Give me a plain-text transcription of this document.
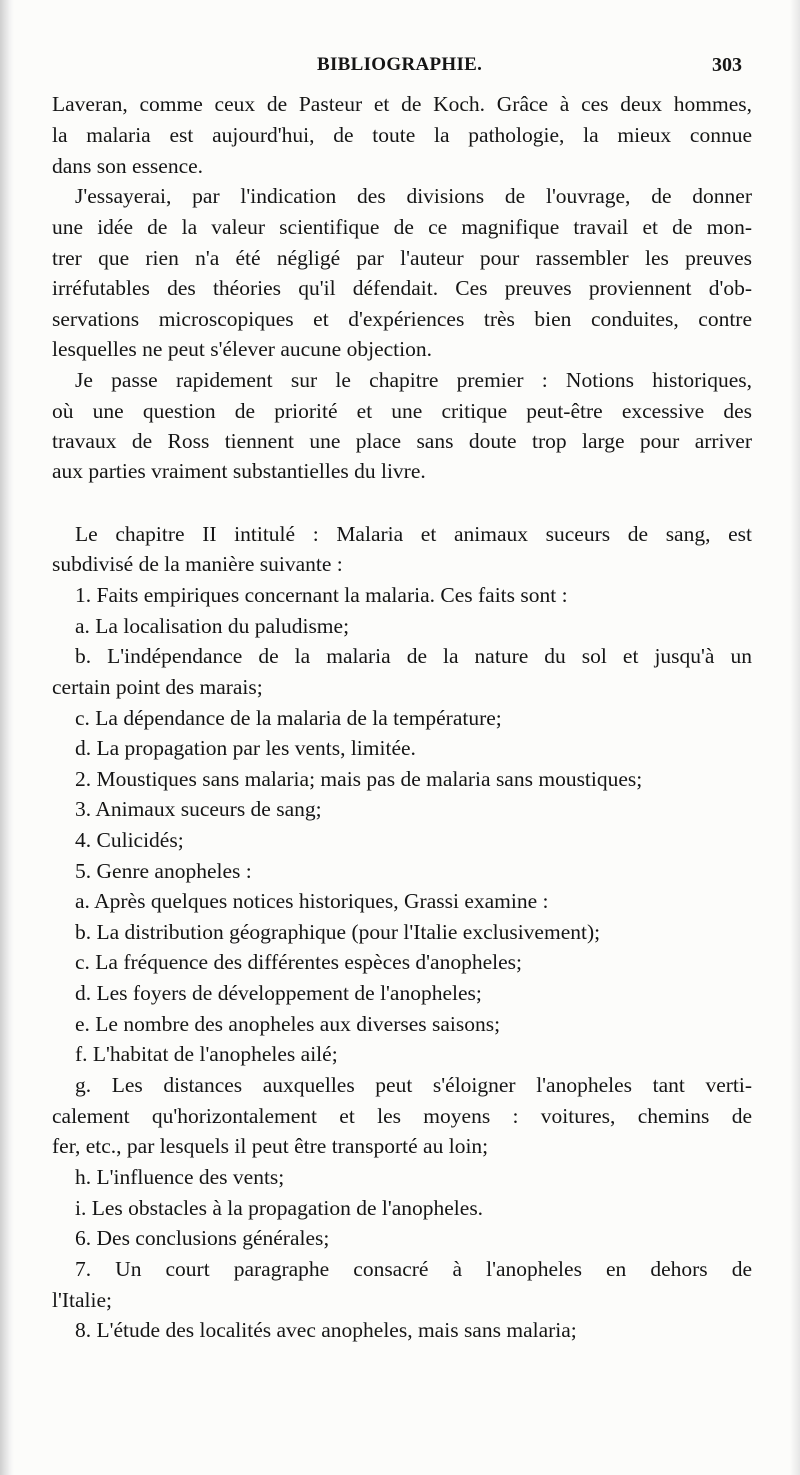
BIBLIOGRAPHIE.	303
Laveran, comme ceux de Pasteur et de Koch. Grâce à ces deux hommes,
la malaria est aujourd'hui, de toute la pathologie, la mieux connue
dans son essence.
J'essayerai, par l'indication des divisions de l'ouvrage, de donner
une idée de la valeur scientifique de ce magnifique travail et de mon-
trer que rien n'a été négligé par l'auteur pour rassembler les preuves
irréfutables des théories qu'il défendait. Ces preuves proviennent d'ob-
servations microscopiques et d'expériences très bien conduites, contre
lesquelles ne peut s'élever aucune objection.
Je passe rapidement sur le chapitre premier : Notions historiques,
où une question de priorité et une critique peut-être excessive des
travaux de Ross tiennent une place sans doute trop large pour arriver
aux parties vraiment substantielles du livre.
Le chapitre II intitulé : Malaria et animaux suceurs de sang, est
subdivisé de la manière suivante :
1. Faits empiriques concernant la malaria. Ces faits sont :
a. La localisation du paludisme;
b. L'indépendance de la malaria de la nature du sol et jusqu'à un
certain point des marais;
c. La dépendance de la malaria de la température;
d. La propagation par les vents, limitée.
2. Moustiques sans malaria; mais pas de malaria sans moustiques;
3. Animaux suceurs de sang;
4. Culicidés;
5. Genre anopheles :
a. Après quelques notices historiques, Grassi examine :
b. La distribution géographique (pour l'Italie exclusivement);
c. La fréquence des différentes espèces d'anopheles;
d. Les foyers de développement de l'anopheles;
e. Le nombre des anopheles aux diverses saisons;
f. L'habitat de l'anopheles ailé;
g. Les distances auxquelles peut s'éloigner l'anopheles tant verti-
calement qu'horizontalement et les moyens : voitures, chemins de
fer, etc., par lesquels il peut être transporté au loin;
h. L'influence des vents;
i. Les obstacles à la propagation de l'anopheles.
6. Des conclusions générales;
7. Un court paragraphe consacré à l'anopheles en dehors de
l'Italie;
8. L'étude des localités avec anopheles, mais sans malaria;
